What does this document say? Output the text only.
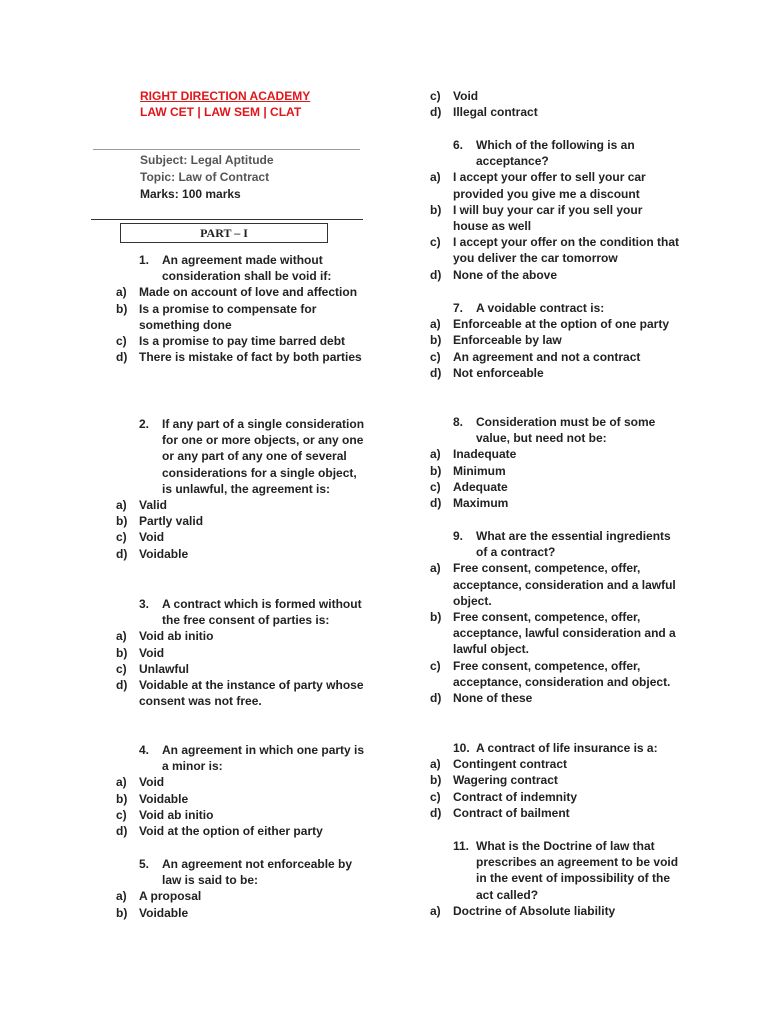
RIGHT DIRECTION ACADEMY
LAW CET | LAW SEM | CLAT
Subject: Legal Aptitude
Topic: Law of Contract
Marks: 100 marks
PART – I
1. An agreement made without consideration shall be void if:
a) Made on account of love and affection
b) Is a promise to compensate for something done
c) Is a promise to pay time barred debt
d) There is mistake of fact by both parties
2. If any part of a single consideration for one or more objects, or any one or any part of any one of several considerations for a single object, is unlawful, the agreement is:
a) Valid
b) Partly valid
c) Void
d) Voidable
3. A contract which is formed without the free consent of parties is:
a) Void ab initio
b) Void
c) Unlawful
d) Voidable at the instance of party whose consent was not free.
4. An agreement in which one party is a minor is:
a) Void
b) Voidable
c) Void ab initio
d) Void at the option of either party
5. An agreement not enforceable by law is said to be:
a) A proposal
b) Voidable
c) Void
d) Illegal contract
6. Which of the following is an acceptance?
a) I accept your offer to sell your car provided you give me a discount
b) I will buy your car if you sell your house as well
c) I accept your offer on the condition that you deliver the car tomorrow
d) None of the above
7. A voidable contract is:
a) Enforceable at the option of one party
b) Enforceable by law
c) An agreement and not a contract
d) Not enforceable
8. Consideration must be of some value, but need not be:
a) Inadequate
b) Minimum
c) Adequate
d) Maximum
9. What are the essential ingredients of a contract?
a) Free consent, competence, offer, acceptance, consideration and a lawful object.
b) Free consent, competence, offer, acceptance, lawful consideration and a lawful object.
c) Free consent, competence, offer, acceptance, consideration and object.
d) None of these
10. A contract of life insurance is a:
a) Contingent contract
b) Wagering contract
c) Contract of indemnity
d) Contract of bailment
11. What is the Doctrine of law that prescribes an agreement to be void in the event of impossibility of the act called?
a) Doctrine of Absolute liability
